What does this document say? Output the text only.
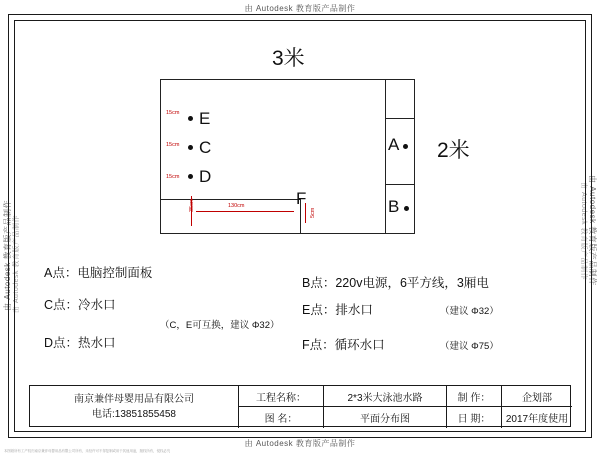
由 Autodesk 教育版产品制作
由 Autodesk 教育版产品制作
由 Autodesk 教育版产品制作 由 Autodesk 教育版产品制作	由 Autodesk 教育版产品制作
由 Autodesk 教育版产品制作
本图纸所有工产权归南京兼伴母婴用品有限公司所有，未经许可不得复制或用于其他用途，版权所有，侵权必究
3米
2米
E
C
D
F
A
B
15cm
15cm
15cm
130cm
35cm
5cm
A点：电脑控制面板
C点：冷水口
（C，E可互换，建议 Φ32）
D点：热水口
B点：220v电源，6平方线，3厢电
E点：排水口	（建议 Φ32）
F点：循环水口	（建议 Φ75）
南京兼伴母婴用品有限公司
电话:13851855458
工程名称：	2*3米大泳池水路	制 作：	企划部
图 名：	平面分布图	日 期：	2017年度使用
